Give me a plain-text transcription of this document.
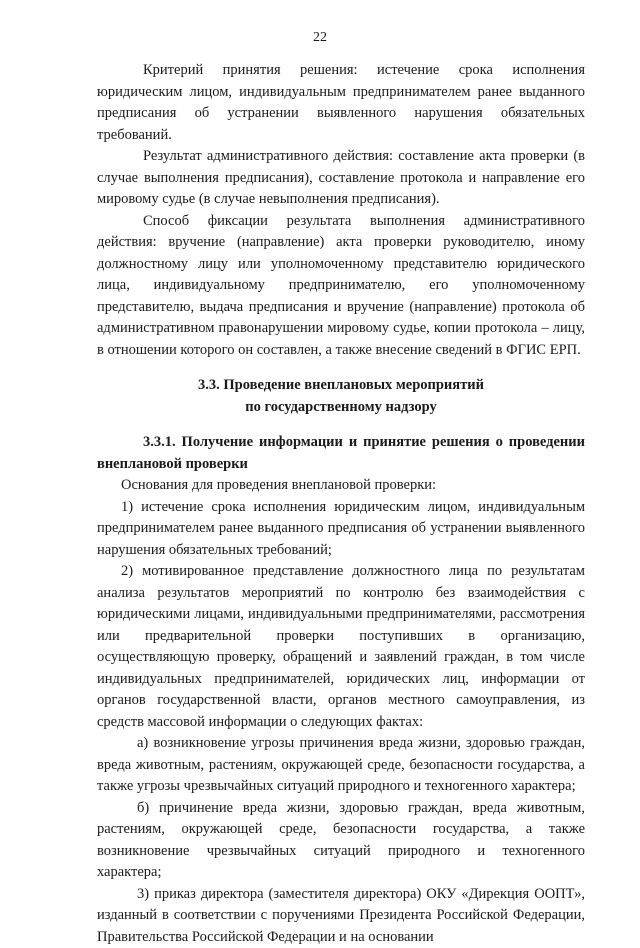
22

Критерий принятия решения: истечение срока исполнения юридическим лицом, индивидуальным предпринимателем ранее выданного предписания об устранении выявленного нарушения обязательных требований.

Результат административного действия: составление акта проверки (в случае выполнения предписания), составление протокола и направление его мировому судье (в случае невыполнения предписания).

Способ фиксации результата выполнения административного действия: вручение (направление) акта проверки руководителю, иному должностному лицу или уполномоченному представителю юридического лица, индивидуальному предпринимателю, его уполномоченному представителю, выдача предписания и вручение (направление) протокола об административном правонарушении мировому судье, копии протокола – лицу, в отношении которого он составлен, а также внесение сведений в ФГИС ЕРП.

3.3. Проведение внеплановых мероприятий
по государственному надзору

3.3.1. Получение информации и принятие решения о проведении внеплановой проверки

Основания для проведения внеплановой проверки:

1) истечение срока исполнения юридическим лицом, индивидуальным предпринимателем ранее выданного предписания об устранении выявленного нарушения обязательных требований;

2) мотивированное представление должностного лица по результатам анализа результатов мероприятий по контролю без взаимодействия с юридическими лицами, индивидуальными предпринимателями, рассмотрения или предварительной проверки поступивших в организацию, осуществляющую проверку, обращений и заявлений граждан, в том числе индивидуальных предпринимателей, юридических лиц, информации от органов государственной власти, органов местного самоуправления, из средств массовой информации о следующих фактах:

а) возникновение угрозы причинения вреда жизни, здоровью граждан, вреда животным, растениям, окружающей среде, безопасности государства, а также угрозы чрезвычайных ситуаций природного и техногенного характера;

б) причинение вреда жизни, здоровью граждан, вреда животным, растениям, окружающей среде, безопасности государства, а также возникновение чрезвычайных ситуаций природного и техногенного характера;

3) приказ директора (заместителя директора) ОКУ «Дирекция ООПТ», изданный в соответствии с поручениями Президента Российской Федерации, Правительства Российской Федерации и на основании
